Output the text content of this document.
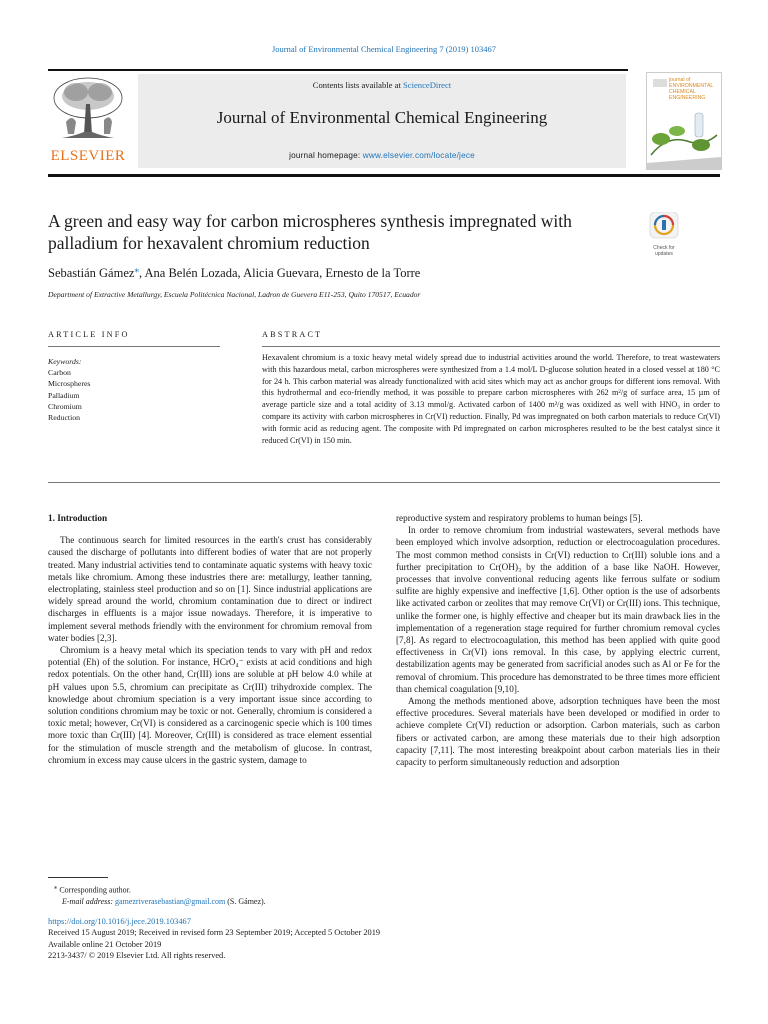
Journal of Environmental Chemical Engineering 7 (2019) 103467
ELSEVIER
Contents lists available at ScienceDirect
Journal of Environmental Chemical Engineering
journal homepage: www.elsevier.com/locate/jece
journal of
ENVIRONMENTAL
CHEMICAL
ENGINEERING
A green and easy way for carbon microspheres synthesis impregnated with palladium for hexavalent chromium reduction	Check for
updates
Sebastián Gámez⁎, Ana Belén Lozada, Alicia Guevara, Ernesto de la Torre
Department of Extractive Metallurgy, Escuela Politécnica Nacional, Ladron de Guevera E11-253, Quito 170517, Ecuador
ARTICLE INFO	ABSTRACT
Keywords:
Carbon
Microspheres
Palladium
Chromium
Reduction
Hexavalent chromium is a toxic heavy metal widely spread due to industrial activities around the world. Therefore, to treat wastewaters with this hazardous metal, carbon microspheres were synthesized from a 1.4 mol/L D-glucose solution heated in a closed vessel at 180 °C for 24 h. This carbon material was already functionalized with acid sites which may act as anchor groups for different ions removal. With this hydrothermal and eco-friendly method, it was possible to prepare carbon microspheres with 262 m²/g of surface area, 15 µm of average particle size and a total acidity of 3.13 mmol/g. Activated carbon of 1400 m²/g was oxidized as well with HNO₃ in order to compare its activity with carbon microspheres in Cr(VI) reduction. Finally, Pd was impregnated on both carbon materials to reduce Cr(VI) with formic acid as reducing agent. The composite with Pd impregnated on carbon microspheres resulted to be the best catalyst since it reduced Cr(VI) in 150 min.
1. Introduction

The continuous search for limited resources in the earth's crust has considerably caused the discharge of pollutants into different bodies of water that are not properly treated. Many industrial activities tend to contaminate aquatic systems with heavy toxic metals like chromium. Among these industries there are: metallurgy, leather tanning, electroplating, stainless steel production and so on [1]. Since industrial applications are widely spread around the world, chromium contamination due to direct or indirect discharges in effluents is a major issue nowadays. Therefore, it is imperative to implement several methods friendly with the environment for chromium removal from water bodies [2,3].

Chromium is a heavy metal which its speciation tends to vary with pH and redox potential (Eh) of the solution. For instance, HCrO₄⁻ exists at acid conditions and high redox potentials. On the other hand, Cr(III) ions are soluble at pH below 4.0 while at pH values upon 5.5, chromium can precipitate as Cr(III) trihydroxide complex. The knowledge about chromium speciation is a very important issue since according to solution conditions chromium may be toxic or not. Generally, chromium is considered a toxic metal; however, Cr(VI) is considered as a carcinogenic specie which is 100 times more toxic than Cr(III) [4]. Moreover, Cr(III) is considered as trace element essential for the stimulation of muscle strength and the metabolism of glucose. In contrast, chromium in excess may cause ulcers in the gastric system, damage to

reproductive system and respiratory problems to human beings [5].

In order to remove chromium from industrial wastewaters, several methods have been employed which involve adsorption, reduction or electrocoagulation procedures. The most common method consists in Cr(VI) reduction to Cr(III) soluble ions and a further precipitation to Cr(OH)₃ by the addition of a base like NaOH. However, processes that involve conventional reducing agents like ferrous sulfate or sodium sulfite are highly expensive and ineffective [1,6]. Other option is the use of adsorbents like activated carbon or zeolites that may remove Cr(VI) or Cr(III) ions. This technique, unlike the former one, is highly effective and cheaper but its main drawback lies in the implementation of a regeneration stage required for further chromium removal cycles [7,8]. As regard to electrocoagulation, this method has been applied with quite good effectiveness in Cr(VI) ions removal. In this case, by applying electric current, destabilization agents may be generated from sacrificial anodes such as Al or Fe for the removal of chromium. This procedure has demonstrated to be three times more efficient than chemical coagulation [9,10].

Among the methods mentioned above, adsorption techniques have been the most effective procedures. Several materials have been developed or modified in order to achieve complete Cr(VI) reduction or adsorption. Carbon materials, such as carbon fibers or activated carbon, are among these materials due to their high adsorption capacity [7,11]. The most interesting breakpoint about carbon materials lies in their capacity to perform simultaneously reduction and adsorption

⁎ Corresponding author.
E-mail address: gamezriverasebastian@gmail.com (S. Gámez).
https://doi.org/10.1016/j.jece.2019.103467
Received 15 August 2019; Received in revised form 23 September 2019; Accepted 5 October 2019
Available online 21 October 2019
2213-3437/ © 2019 Elsevier Ltd. All rights reserved.
